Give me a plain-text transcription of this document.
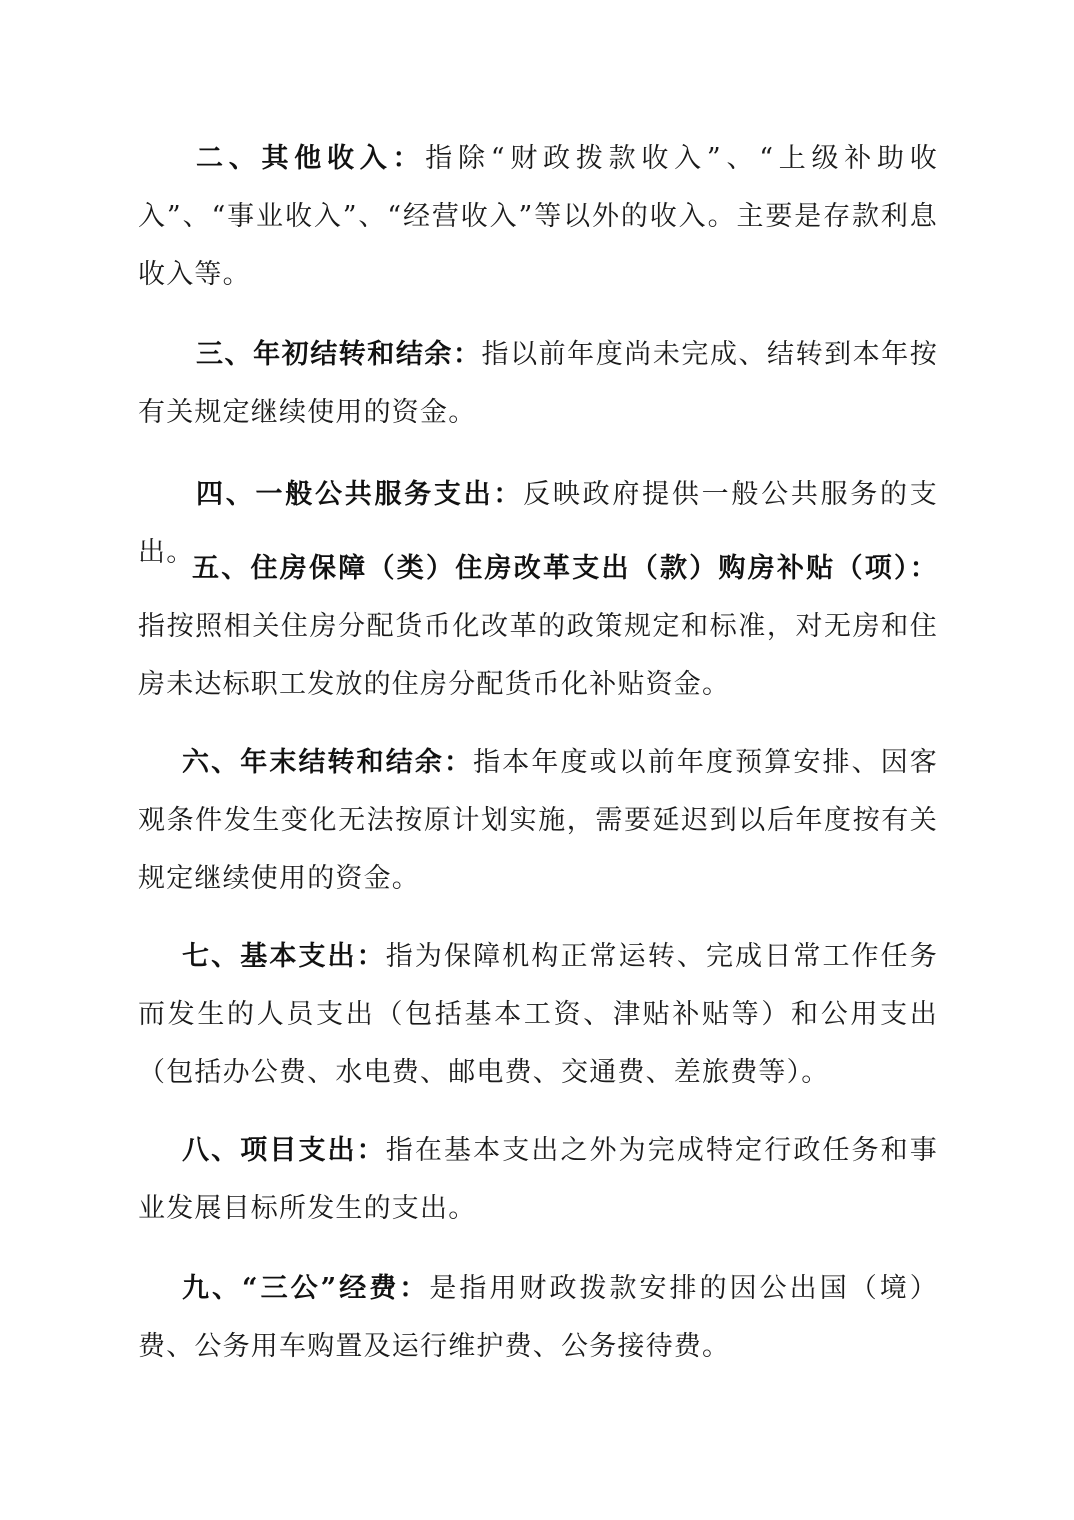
二、其他收入：指除“财政拨款收入”、“上级补助收入”、“事业收入”、“经营收入”等以外的收入。主要是存款利息收入等。

三、年初结转和结余：指以前年度尚未完成、结转到本年按有关规定继续使用的资金。

四、一般公共服务支出：反映政府提供一般公共服务的支出。

五、住房保障（类）住房改革支出（款）购房补贴（项）：指按照相关住房分配货币化改革的政策规定和标准，对无房和住房未达标职工发放的住房分配货币化补贴资金。

六、年末结转和结余：指本年度或以前年度预算安排、因客观条件发生变化无法按原计划实施，需要延迟到以后年度按有关规定继续使用的资金。

七、基本支出：指为保障机构正常运转、完成日常工作任务而发生的人员支出（包括基本工资、津贴补贴等）和公用支出（包括办公费、水电费、邮电费、交通费、差旅费等）。

八、项目支出：指在基本支出之外为完成特定行政任务和事业发展目标所发生的支出。

九、“三公”经费：是指用财政拨款安排的因公出国（境）费、公务用车购置及运行维护费、公务接待费。
